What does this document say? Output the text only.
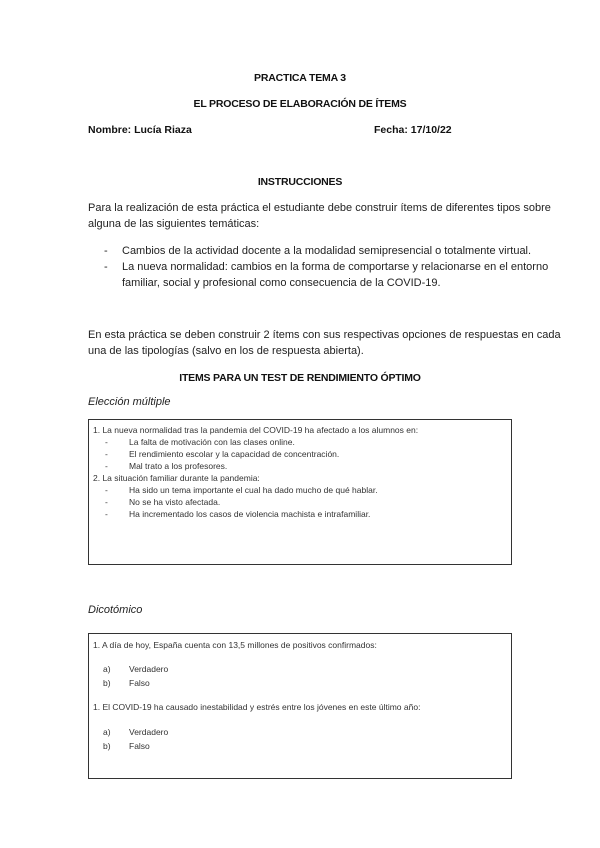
PRACTICA TEMA 3
EL PROCESO DE ELABORACIÓN DE ÍTEMS
Nombre: Lucía Riaza	Fecha: 17/10/22
INSTRUCCIONES
Para la realización de esta práctica el estudiante debe construir ítems de diferentes tipos sobre
alguna de las siguientes temáticas:
- Cambios de la actividad docente a la modalidad semipresencial o totalmente virtual.
- La nueva normalidad: cambios en la forma de comportarse y relacionarse en el entorno
familiar, social y profesional como consecuencia de la COVID-19.
En esta práctica se deben construir 2 ítems con sus respectivas opciones de respuestas en cada
una de las tipologías (salvo en los de respuesta abierta).
ITEMS PARA UN TEST DE RENDIMIENTO ÓPTIMO
Elección múltiple
1. La nueva normalidad tras la pandemia del COVID-19 ha afectado a los alumnos en:
- La falta de motivación con las clases online.
- El rendimiento escolar y la capacidad de concentración.
- Mal trato a los profesores.
2. La situación familiar durante la pandemia:
- Ha sido un tema importante el cual ha dado mucho de qué hablar.
- No se ha visto afectada.
- Ha incrementado los casos de violencia machista e intrafamiliar.
Dicotómico
1. A día de hoy, España cuenta con 13,5 millones de positivos confirmados:
a) Verdadero
b) Falso
1. El COVID-19 ha causado inestabilidad y estrés entre los jóvenes en este último año:
a) Verdadero
b) Falso
